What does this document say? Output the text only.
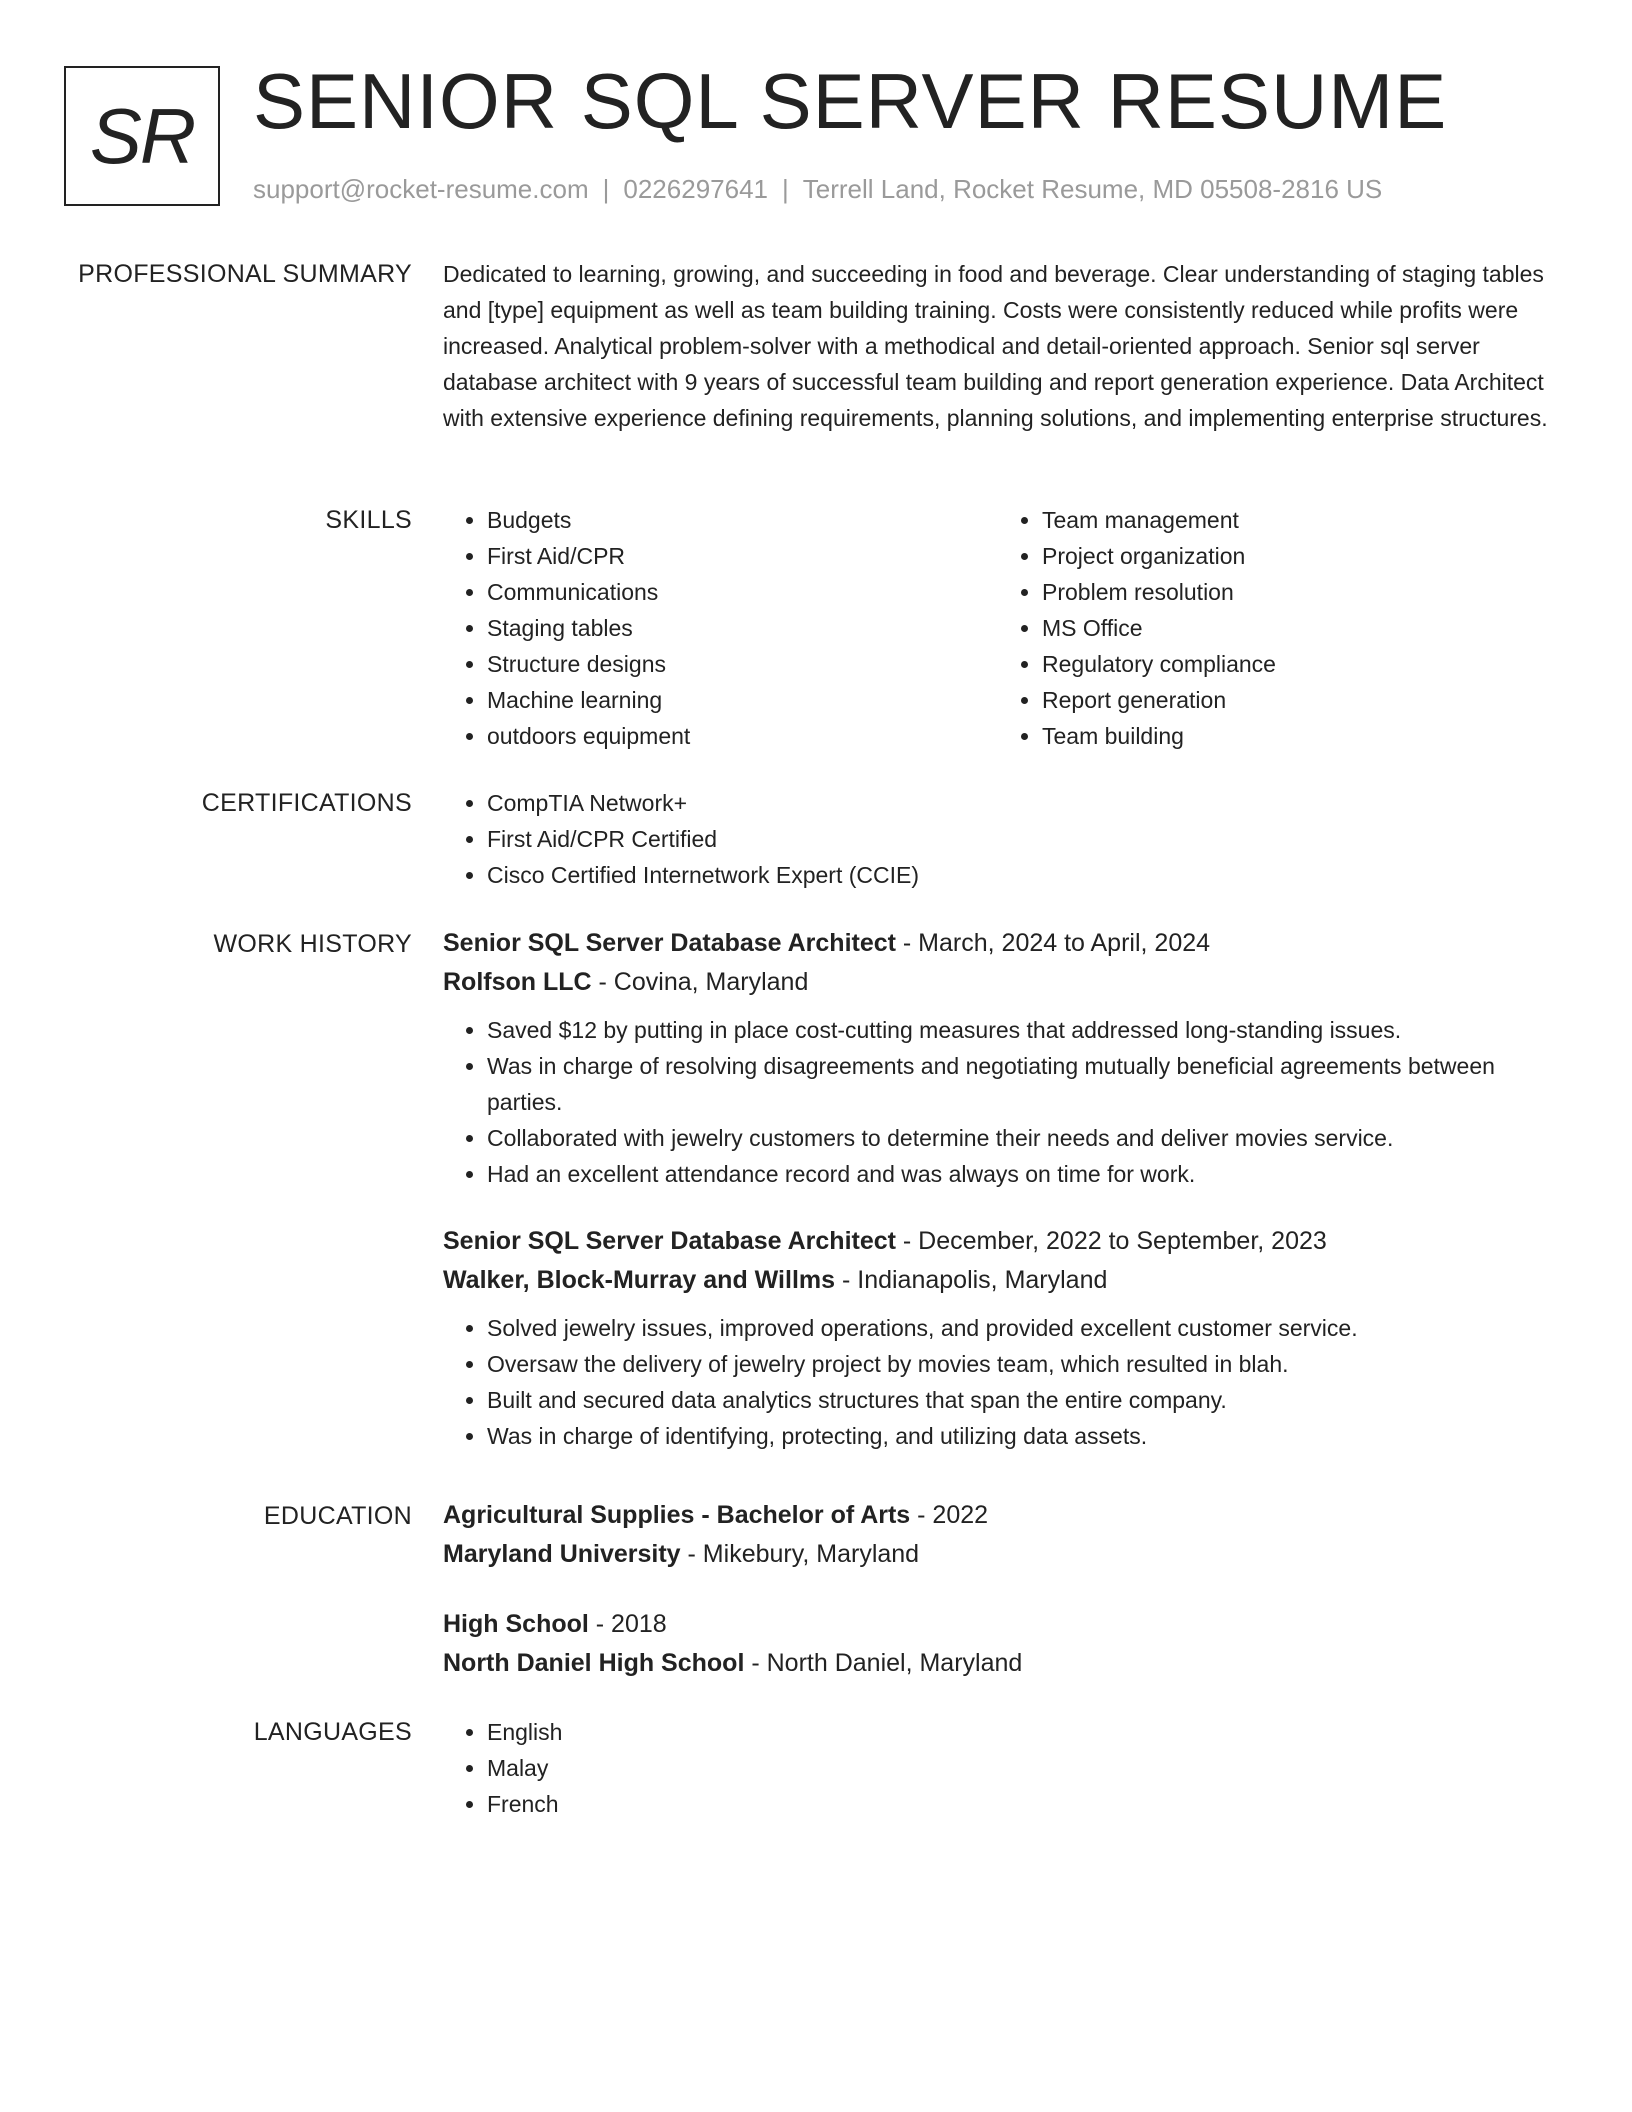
SR SENIOR SQL SERVER RESUME
support@rocket-resume.com | 0226297641 | Terrell Land, Rocket Resume, MD 05508-2816 US
PROFESSIONAL SUMMARY Dedicated to learning, growing, and succeeding in food and beverage. Clear understanding of staging tables and [type] equipment as well as team building training. Costs were consistently reduced while profits were increased. Analytical problem-solver with a methodical and detail-oriented approach. Senior sql server database architect with 9 years of successful team building and report generation experience. Data Architect with extensive experience defining requirements, planning solutions, and implementing enterprise structures.

SKILLS	• Budgets
• First Aid/CPR
• Communications
• Staging tables
• Structure designs
• Machine learning
• outdoors equipment
• Team management
• Project organization
• Problem resolution
• MS Office
• Regulatory compliance
• Report generation
• Team building
CERTIFICATIONS	• CompTIA Network+
• First Aid/CPR Certified
• Cisco Certified Internetwork Expert (CCIE)
WORK HISTORY Senior SQL Server Database Architect - March, 2024 to April, 2024
Rolfson LLC - Covina, Maryland
• Saved $12 by putting in place cost-cutting measures that addressed long-standing issues.
• Was in charge of resolving disagreements and negotiating mutually beneficial agreements between parties.
• Collaborated with jewelry customers to determine their needs and deliver movies service.
• Had an excellent attendance record and was always on time for work.
Senior SQL Server Database Architect - December, 2022 to September, 2023
Walker, Block-Murray and Willms - Indianapolis, Maryland
• Solved jewelry issues, improved operations, and provided excellent customer service.
• Oversaw the delivery of jewelry project by movies team, which resulted in blah.
• Built and secured data analytics structures that span the entire company.
• Was in charge of identifying, protecting, and utilizing data assets.
EDUCATION Agricultural Supplies - Bachelor of Arts - 2022
Maryland University - Mikebury, Maryland
High School - 2018
North Daniel High School - North Daniel, Maryland
LANGUAGES	• English
• Malay
• French
